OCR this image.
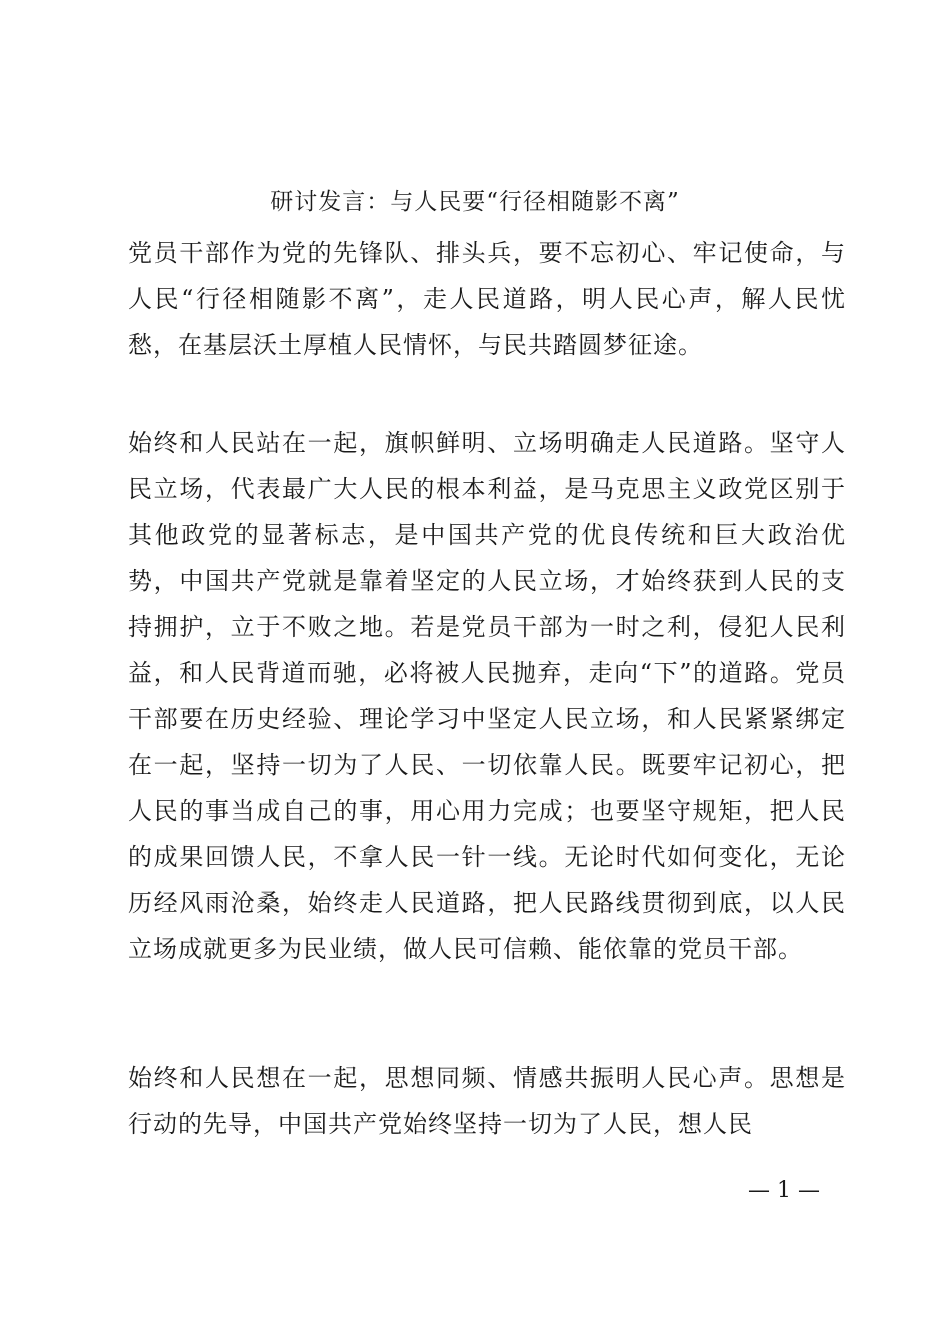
研讨发言：与人民要“行径相随影不离”

党员干部作为党的先锋队、排头兵，要不忘初心、牢记使命，与人民“行径相随影不离”，走人民道路，明人民心声，解人民忧愁，在基层沃土厚植人民情怀，与民共踏圆梦征途。

始终和人民站在一起，旗帜鲜明、立场明确走人民道路。坚守人民立场，代表最广大人民的根本利益，是马克思主义政党区别于其他政党的显著标志，是中国共产党的优良传统和巨大政治优势，中国共产党就是靠着坚定的人民立场，才始终获到人民的支持拥护，立于不败之地。若是党员干部为一时之利，侵犯人民利益，和人民背道而驰，必将被人民抛弃，走向“下”的道路。党员干部要在历史经验、理论学习中坚定人民立场，和人民紧紧绑定在一起，坚持一切为了人民、一切依靠人民。既要牢记初心，把人民的事当成自己的事，用心用力完成；也要坚守规矩，把人民的成果回馈人民，不拿人民一针一线。无论时代如何变化，无论历经风雨沧桑，始终走人民道路，把人民路线贯彻到底，以人民立场成就更多为民业绩，做人民可信赖、能依靠的党员干部。

始终和人民想在一起，思想同频、情感共振明人民心声。思想是行动的先导，中国共产党始终坚持一切为了人民，想人民

— 1 —
